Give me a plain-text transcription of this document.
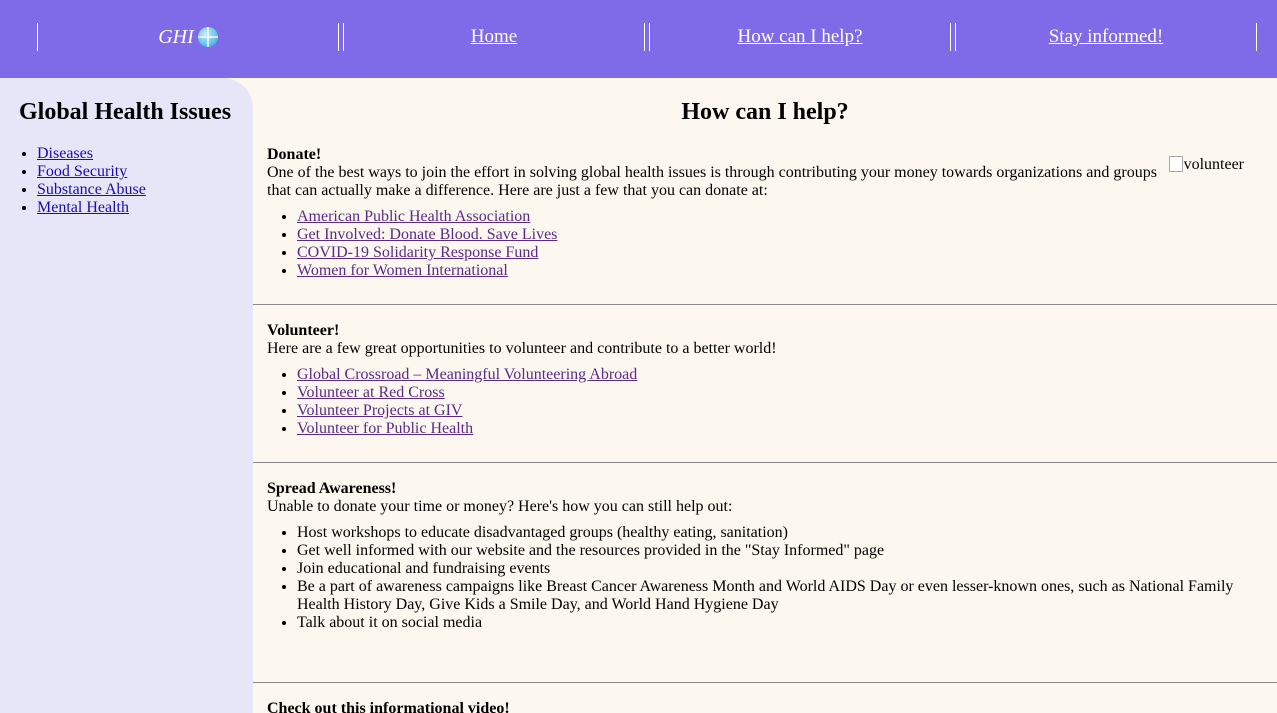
GHI	Home	How can I help?	Stay informed!
Global Health Issues
• Diseases
• Food Security
• Substance Abuse
• Mental Health
How can I help?
volunteer
Donate!
One of the best ways to join the effort in solving global health issues is through contributing your money towards organizations and groups that can actually make a difference. Here are just a few that you can donate at:
• American Public Health Association
• Get Involved: Donate Blood. Save Lives
• COVID-19 Solidarity Response Fund
• Women for Women International
Volunteer!
Here are a few great opportunities to volunteer and contribute to a better world!
• Global Crossroad – Meaningful Volunteering Abroad
• Volunteer at Red Cross
• Volunteer Projects at GIV
• Volunteer for Public Health
Spread Awareness!
Unable to donate your time or money? Here's how you can still help out:
• Host workshops to educate disadvantaged groups (healthy eating, sanitation)
• Get well informed with our website and the resources provided in the "Stay Informed" page
• Join educational and fundraising events
• Be a part of awareness campaigns like Breast Cancer Awareness Month and World AIDS Day or even lesser-known ones, such as National Family Health History Day, Give Kids a Smile Day, and World Hand Hygiene Day
• Talk about it on social media
Check out this informational video!
